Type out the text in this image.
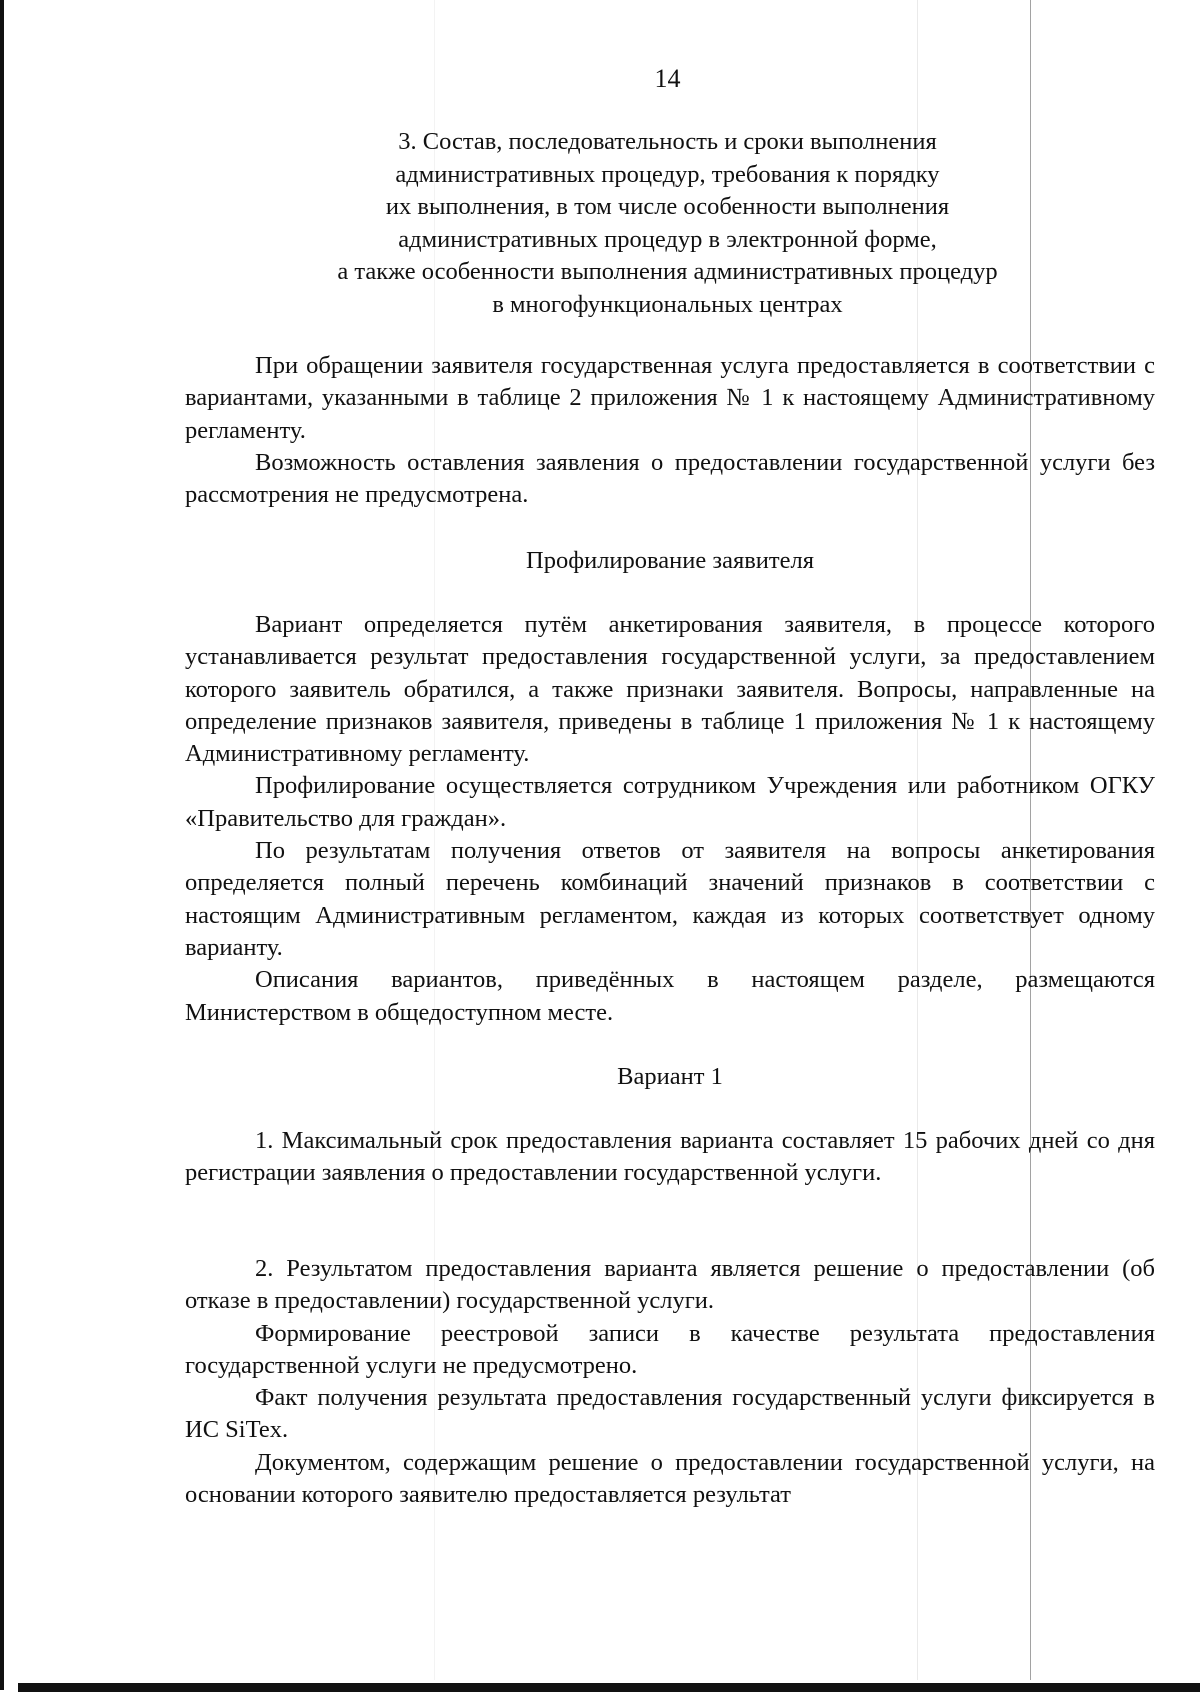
14
3. Состав, последовательность и сроки выполнения
административных процедур, требования к порядку
их выполнения, в том числе особенности выполнения
административных процедур в электронной форме,
а также особенности выполнения административных процедур
в многофункциональных центрах

При обращении заявителя государственная услуга предоставляется в соответствии с вариантами, указанными в таблице 2 приложения № 1 к настоящему Административному регламенту.

Возможность оставления заявления о предоставлении государственной услуги без рассмотрения не предусмотрена.

Профилирование заявителя

Вариант определяется путём анкетирования заявителя, в процессе которого устанавливается результат предоставления государственной услуги, за предоставлением которого заявитель обратился, а также признаки заявителя. Вопросы, направленные на определение признаков заявителя, приведены в таблице 1 приложения № 1 к настоящему Административному регламенту.

Профилирование осуществляется сотрудником Учреждения или работником ОГКУ «Правительство для граждан».

По результатам получения ответов от заявителя на вопросы анкетирования определяется полный перечень комбинаций значений признаков в соответствии с настоящим Административным регламентом, каждая из которых соответствует одному варианту.

Описания вариантов, приведённых в настоящем разделе, размещаются Министерством в общедоступном месте.

Вариант 1

1. Максимальный срок предоставления варианта составляет 15 рабочих дней со дня регистрации заявления о предоставлении государственной услуги.

2. Результатом предоставления варианта является решение о предоставлении (об отказе в предоставлении) государственной услуги.

Формирование реестровой записи в качестве результата предоставления государственной услуги не предусмотрено.

Факт получения результата предоставления государственный услуги фиксируется в ИС SiTex.

Документом, содержащим решение о предоставлении государственной услуги, на основании которого заявителю предоставляется результат
